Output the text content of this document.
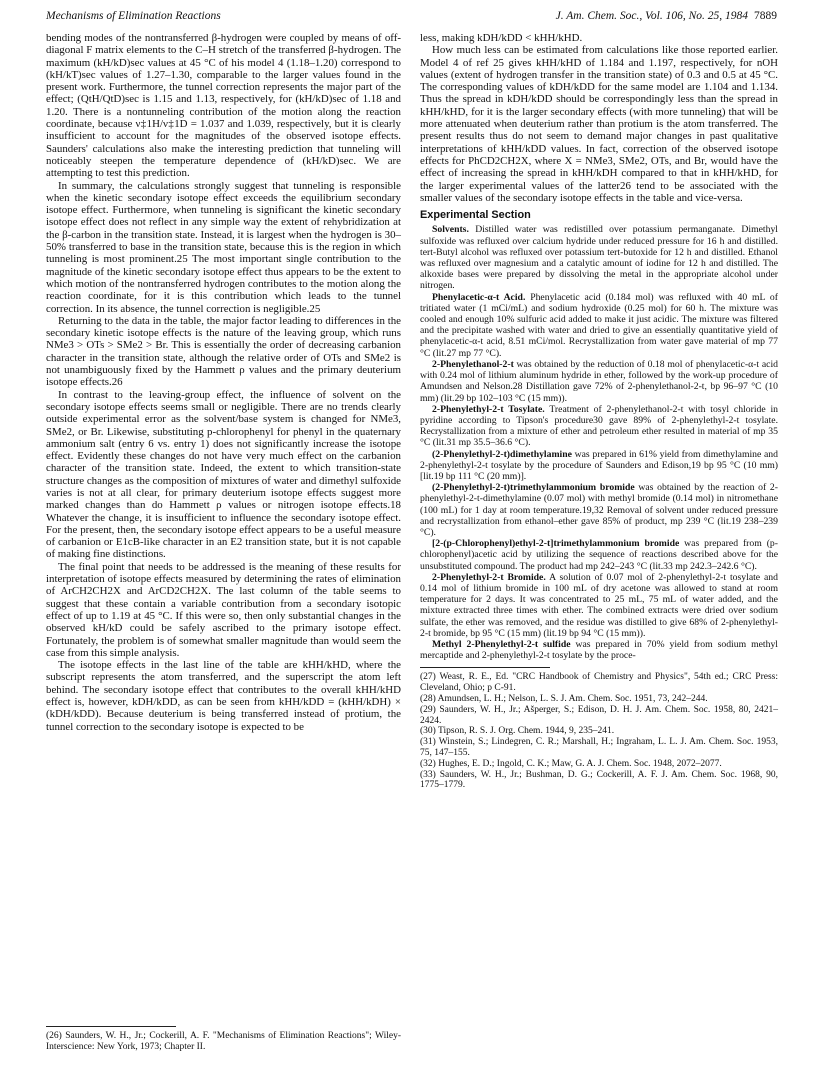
Mechanisms of Elimination Reactions	J. Am. Chem. Soc., Vol. 106, No. 25, 1984 7889

bending modes of the nontransferred β-hydrogen were coupled by means of off-diagonal F matrix elements to the C–H stretch of the transferred β-hydrogen. The maximum (kH/kD)sec values at 45 °C of his model 4 (1.18–1.20) correspond to (kH/kT)sec values of 1.27–1.30, comparable to the larger values found in the present work. Furthermore, the tunnel correction represents the major part of the effect; (QtH/QtD)sec is 1.15 and 1.13, respectively, for (kH/kD)sec of 1.18 and 1.20. There is a nontunneling contribution of the motion along the reaction coordinate, because ν‡1H/ν‡1D = 1.037 and 1.039, respectively, but it is clearly insufficient to account for the magnitudes of the observed isotope effects. Saunders' calculations also make the interesting prediction that tunneling will noticeably steepen the temperature dependence of (kH/kD)sec. We are attempting to test this prediction.

In summary, the calculations strongly suggest that tunneling is responsible when the kinetic secondary isotope effect exceeds the equilibrium secondary isotope effect. Furthermore, when tunneling is significant the kinetic secondary isotope effect does not reflect in any simple way the extent of rehybridization at the β-carbon in the transition state. Instead, it is largest when the hydrogen is 30–50% transferred to base in the transition state, because this is the region in which tunneling is most prominent.25 The most important single contribution to the magnitude of the kinetic secondary isotope effect thus appears to be the extent to which motion of the nontransferred hydrogen contributes to the motion along the reaction coordinate, for it is this contribution which leads to the tunnel correction. In its absence, the tunnel correction is negligible.25

Returning to the data in the table, the major factor leading to differences in the secondary kinetic isotope effects is the nature of the leaving group, which runs NMe3 > OTs > SMe2 > Br. This is essentially the order of decreasing carbanion character in the transition state, although the relative order of OTs and SMe2 is not unambiguously fixed by the Hammett ρ values and the primary deuterium isotope effects.26

In contrast to the leaving-group effect, the influence of solvent on the secondary isotope effects seems small or negligible. There are no trends clearly outside experimental error as the solvent/base system is changed for NMe3, SMe2, or Br. Likewise, substituting p-chlorophenyl for phenyl in the quaternary ammonium salt (entry 6 vs. entry 1) does not significantly increase the isotope effect. Evidently these changes do not have very much effect on the carbanion character of the transition state. Indeed, the extent to which transition-state structure changes as the composition of mixtures of water and dimethyl sulfoxide varies is not at all clear, for primary deuterium isotope effects suggest more marked changes than do Hammett ρ values or nitrogen isotope effects.18 Whatever the change, it is insufficient to influence the secondary isotope effect. For the present, then, the secondary isotope effect appears to be a useful measure of carbanion or E1cB-like character in an E2 transition state, but it is not capable of making fine distinctions.

The final point that needs to be addressed is the meaning of these results for interpretation of isotope effects measured by determining the rates of elimination of ArCH2CH2X and ArCD2CH2X. The last column of the table seems to suggest that these contain a variable contribution from a secondary isotopic effect of up to 1.19 at 45 °C. If this were so, then only substantial changes in the observed kH/kD could be safely ascribed to the primary isotope effect. Fortunately, the problem is of somewhat smaller magnitude than would seem the case from this simple analysis.

The isotope effects in the last line of the table are kHH/kHD, where the subscript represents the atom transferred, and the superscript the atom left behind. The secondary isotope effect that contributes to the overall kHH/kHD effect is, however, kDH/kDD, as can be seen from kHH/kDD = (kHH/kDH) × (kDH/kDD). Because deuterium is being transferred instead of protium, the tunnel correction to the secondary isotope is expected to be

(26) Saunders, W. H., Jr.; Cockerill, A. F. "Mechanisms of Elimination Reactions"; Wiley-Interscience: New York, 1973; Chapter II.

less, making kDH/kDD < kHH/kHD.

How much less can be estimated from calculations like those reported earlier. Model 4 of ref 25 gives kHH/kHD of 1.184 and 1.197, respectively, for nOH values (extent of hydrogen transfer in the transition state) of 0.3 and 0.5 at 45 °C. The corresponding values of kDH/kDD for the same model are 1.104 and 1.134. Thus the spread in kDH/kDD should be correspondingly less than the spread in kHH/kHD, for it is the larger secondary effects (with more tunneling) that will be more attenuated when deuterium rather than protium is the atom transferred. The present results thus do not seem to demand major changes in past qualitative interpretations of kHH/kDD values. In fact, correction of the observed isotope effects for PhCD2CH2X, where X = NMe3, SMe2, OTs, and Br, would have the effect of increasing the spread in kHH/kDH compared to that in kHH/kHD, for the larger experimental values of the latter26 tend to be associated with the smaller values of the secondary isotope effects in the table and vice-versa.

Experimental Section

Solvents. Distilled water was redistilled over potassium permanganate. Dimethyl sulfoxide was refluxed over calcium hydride under reduced pressure for 16 h and distilled. tert-Butyl alcohol was refluxed over potassium tert-butoxide for 12 h and distilled. Ethanol was refluxed over magnesium and a catalytic amount of iodine for 12 h and distilled. The alkoxide bases were prepared by dissolving the metal in the appropriate alcohol under nitrogen.

Phenylacetic-α-t Acid. Phenylacetic acid (0.184 mol) was refluxed with 40 mL of tritiated water (1 mCi/mL) and sodium hydroxide (0.25 mol) for 60 h. The mixture was cooled and enough 10% sulfuric acid added to make it just acidic. The mixture was filtered and the precipitate washed with water and dried to give an essentially quantitative yield of phenylacetic-α-t acid, 8.51 mCi/mol. Recrystallization from water gave material of mp 77 °C (lit.27 mp 77 °C).

2-Phenylethanol-2-t was obtained by the reduction of 0.18 mol of phenylacetic-α-t acid with 0.24 mol of lithium aluminum hydride in ether, followed by the work-up procedure of Amundsen and Nelson.28 Distillation gave 72% of 2-phenylethanol-2-t, bp 96–97 °C (10 mm) (lit.29 bp 102–103 °C (15 mm)).

2-Phenylethyl-2-t Tosylate. Treatment of 2-phenylethanol-2-t with tosyl chloride in pyridine according to Tipson's procedure30 gave 89% of 2-phenylethyl-2-t tosylate. Recrystallization from a mixture of ether and petroleum ether resulted in material of mp 35 °C (lit.31 mp 35.5–36.6 °C).

(2-Phenylethyl-2-t)dimethylamine was prepared in 61% yield from dimethylamine and 2-phenylethyl-2-t tosylate by the procedure of Saunders and Edison,19 bp 95 °C (10 mm) [lit.19 bp 111 °C (20 mm)].

(2-Phenylethyl-2-t)trimethylammonium bromide was obtained by the reaction of 2-phenylethyl-2-t-dimethylamine (0.07 mol) with methyl bromide (0.14 mol) in nitromethane (100 mL) for 1 day at room temperature.19,32 Removal of solvent under reduced pressure and recrystallization from ethanol–ether gave 85% of product, mp 239 °C (lit.19 238–239 °C).

[2-(p-Chlorophenyl)ethyl-2-t]trimethylammonium bromide was prepared from (p-chlorophenyl)acetic acid by utilizing the sequence of reactions described above for the unsubstituted compound. The product had mp 242–243 °C (lit.33 mp 242.3–242.6 °C).

2-Phenylethyl-2-t Bromide. A solution of 0.07 mol of 2-phenylethyl-2-t tosylate and 0.14 mol of lithium bromide in 100 mL of dry acetone was allowed to stand at room temperature for 2 days. It was concentrated to 25 mL, 75 mL of water added, and the mixture extracted three times with ether. The combined extracts were dried over sodium sulfate, the ether was removed, and the residue was distilled to give 68% of 2-phenylethyl-2-t bromide, bp 95 °C (15 mm) (lit.19 bp 94 °C (15 mm)).

Methyl 2-Phenylethyl-2-t sulfide was prepared in 70% yield from sodium methyl mercaptide and 2-phenylethyl-2-t tosylate by the proce-

(27) Weast, R. E., Ed. "CRC Handbook of Chemistry and Physics", 54th ed.; CRC Press: Cleveland, Ohio; p C-91.
(28) Amundsen, L. H.; Nelson, L. S. J. Am. Chem. Soc. 1951, 73, 242–244.
(29) Saunders, W. H., Jr.; Ašperger, S.; Edison, D. H. J. Am. Chem. Soc. 1958, 80, 2421–2424.
(30) Tipson, R. S. J. Org. Chem. 1944, 9, 235–241.
(31) Winstein, S.; Lindegren, C. R.; Marshall, H.; Ingraham, L. L. J. Am. Chem. Soc. 1953, 75, 147–155.
(32) Hughes, E. D.; Ingold, C. K.; Maw, G. A. J. Chem. Soc. 1948, 2072–2077.
(33) Saunders, W. H., Jr.; Bushman, D. G.; Cockerill, A. F. J. Am. Chem. Soc. 1968, 90, 1775–1779.
